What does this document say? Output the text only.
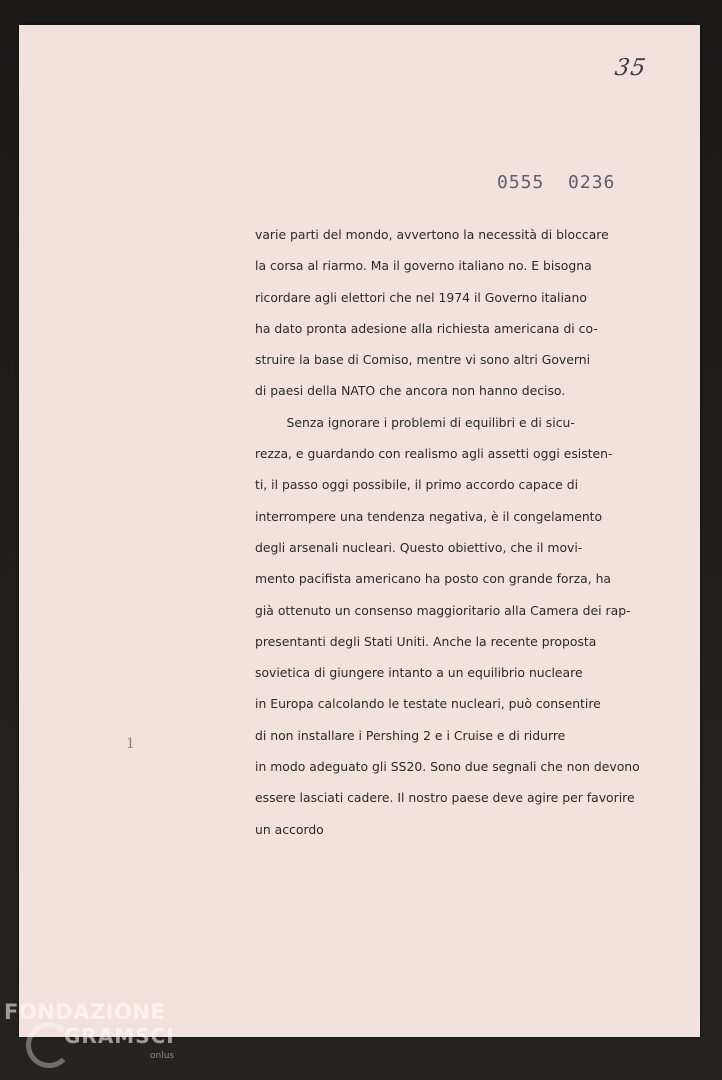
35
0555  0236
1
varie parti del mondo, avvertono la necessità di bloccare
la corsa al riarmo. Ma il governo italiano no. E bisogna
ricordare agli elettori che nel 1974 il Governo italiano
ha dato pronta adesione alla richiesta americana di co-
struire la base di Comiso, mentre vi sono altri Governi
di paesi della NATO che ancora non hanno deciso.
Senza ignorare i problemi di equilibri e di sicu-
rezza, e guardando con realismo agli assetti oggi esisten-
ti, il passo oggi possibile, il primo accordo capace di
interrompere una tendenza negativa, è il congelamento
degli arsenali nucleari. Questo obiettivo, che il movi-
mento pacifista americano ha posto con grande forza, ha
già ottenuto un consenso maggioritario alla Camera dei rap-
presentanti degli Stati Uniti. Anche la recente proposta
sovietica di giungere intanto a un equilibrio nucleare
in Europa calcolando le testate nucleari, può consentire
di non installare i Pershing 2 e i Cruise e di ridurre
in modo adeguato gli SS20. Sono due segnali che non devono
essere lasciati cadere. Il nostro paese deve agire per favorire
un accordo
FONDAZIONE
GRAMSCI
onlus
